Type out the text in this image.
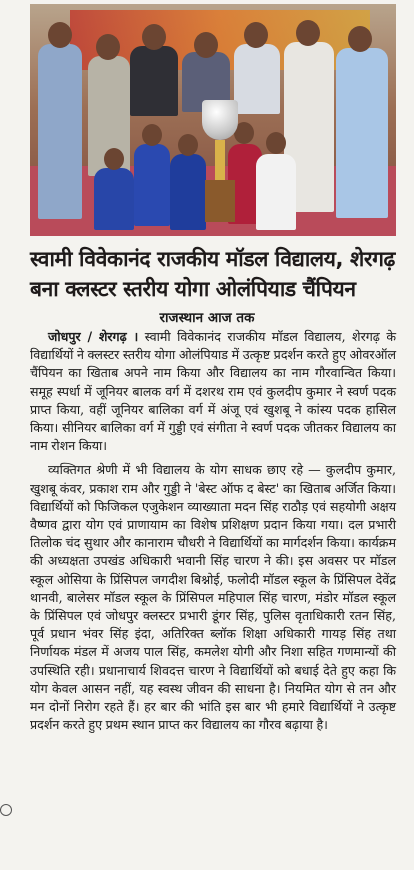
स्वामी विवेकानंद राजकीय मॉडल विद्यालय, शेरगढ़ बना क्लस्टर स्तरीय योगा ओलंपियाड चैंपियन
राजस्थान आज तक

जोधपुर / शेरगढ़ । स्वामी विवेकानंद राजकीय मॉडल विद्यालय, शेरगढ़ के विद्यार्थियों ने क्लस्टर स्तरीय योगा ओलंपियाड में उत्कृष्ट प्रदर्शन करते हुए ओवरऑल चैंपियन का खिताब अपने नाम किया और विद्यालय का नाम गौरवान्वित किया। समूह स्पर्धा में जूनियर बालक वर्ग में दशरथ राम एवं कुलदीप कुमार ने स्वर्ण पदक प्राप्त किया, वहीं जूनियर बालिका वर्ग में अंजू एवं खुशबू ने कांस्य पदक हासिल किया। सीनियर बालिका वर्ग में गुड्डी एवं संगीता ने स्वर्ण पदक जीतकर विद्यालय का नाम रोशन किया।

व्यक्तिगत श्रेणी में भी विद्यालय के योग साधक छाए रहे — कुलदीप कुमार, खुशबू कंवर, प्रकाश राम और गुड्डी ने 'बेस्ट ऑफ द बेस्ट' का खिताब अर्जित किया। विद्यार्थियों को फिजिकल एजुकेशन व्याख्याता मदन सिंह राठौड़ एवं सहयोगी अक्षय वैष्णव द्वारा योग एवं प्राणायाम का विशेष प्रशिक्षण प्रदान किया गया। दल प्रभारी तिलोक चंद सुथार और कानाराम चौधरी ने विद्यार्थियों का मार्गदर्शन किया। कार्यक्रम की अध्यक्षता उपखंड अधिकारी भवानी सिंह चारण ने की। इस अवसर पर मॉडल स्कूल ओसिया के प्रिंसिपल जगदीश बिश्नोई, फलोदी मॉडल स्कूल के प्रिंसिपल देवेंद्र थानवी, बालेसर मॉडल स्कूल के प्रिंसिपल महिपाल सिंह चारण, मंडोर मॉडल स्कूल के प्रिंसिपल एवं जोधपुर क्लस्टर प्रभारी डूंगर सिंह, पुलिस वृताधिकारी रतन सिंह, पूर्व प्रधान भंवर सिंह इंदा, अतिरिक्त ब्लॉक शिक्षा अधिकारी गायड़ सिंह तथा निर्णायक मंडल में अजय पाल सिंह, कमलेश योगी और निशा सहित गणमान्यों की उपस्थिति रही। प्रधानाचार्य शिवदत्त चारण ने विद्यार्थियों को बधाई देते हुए कहा कि योग केवल आसन नहीं, यह स्वस्थ जीवन की साधना है। नियमित योग से तन और मन दोनों निरोग रहते हैं। हर बार की भांति इस बार भी हमारे विद्यार्थियों ने उत्कृष्ट प्रदर्शन करते हुए प्रथम स्थान प्राप्त कर विद्यालय का गौरव बढ़ाया है।
